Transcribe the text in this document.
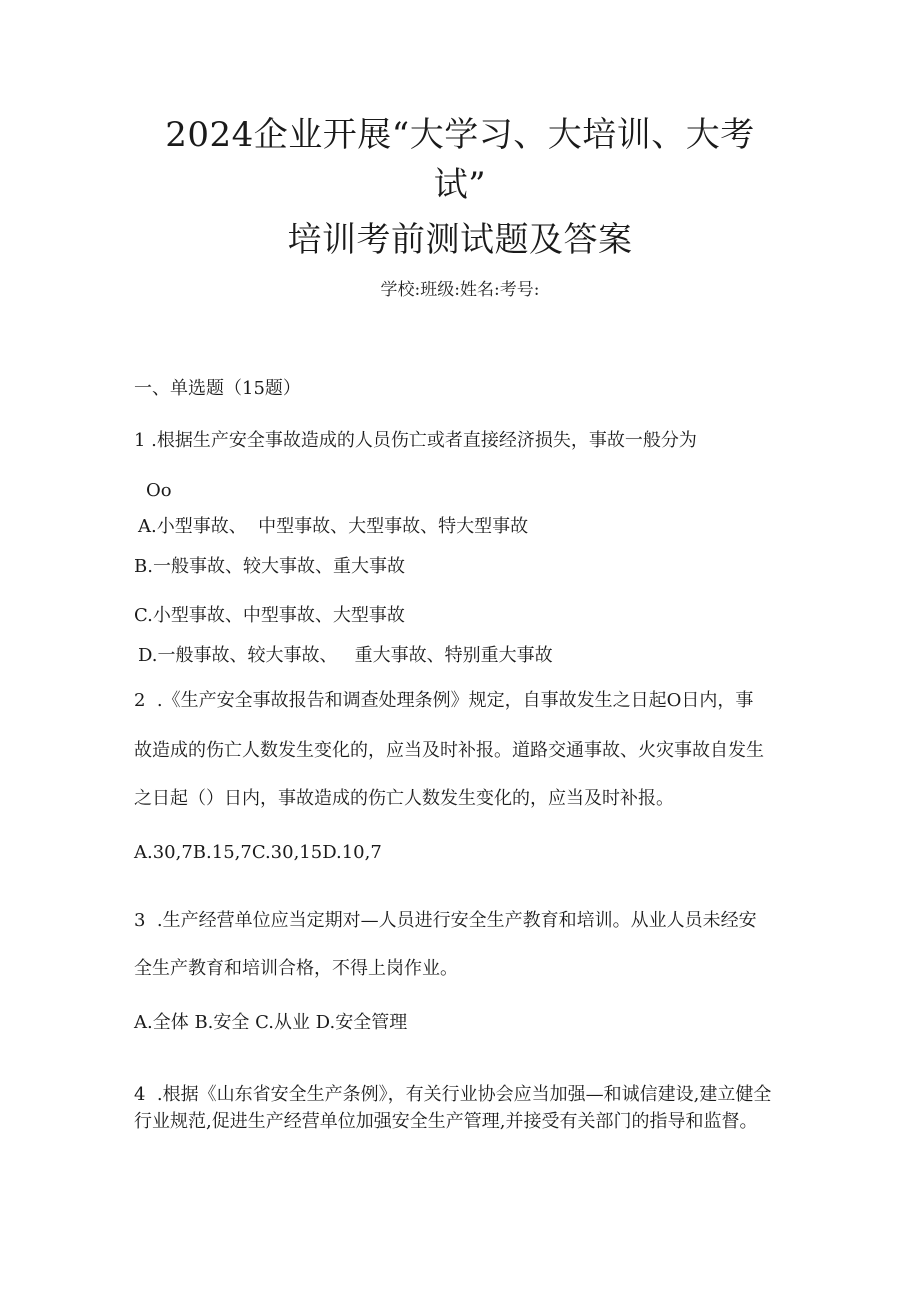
2024企业开展“大学习、大培训、大考
试”
培训考前测试题及答案
学校:班级:姓名:考号:
一、单选题（15题）
1 .根据生产安全事故造成的人员伤亡或者直接经济损失，事故一般分为
Oo
A.小型事故、  中型事故、大型事故、特大型事故
B.一般事故、较大事故、重大事故
C.小型事故、中型事故、大型事故
D.一般事故、较大事故、   重大事故、特别重大事故
2  .《生产安全事故报告和调查处理条例》规定，自事故发生之日起O日内，事
故造成的伤亡人数发生变化的，应当及时补报。道路交通事故、火灾事故自发生
之日起（）日内，事故造成的伤亡人数发生变化的，应当及时补报。
A.30,7B.15,7C.30,15D.10,7
3  .生产经营单位应当定期对—人员进行安全生产教育和培训。从业人员未经安
全生产教育和培训合格，不得上岗作业。
A.全体 B.安全 C.从业 D.安全管理
4  .根据《山东省安全生产条例》，有关行业协会应当加强—和诚信建设,建立健全行业规范,促进生产经营单位加强安全生产管理,并接受有关部门的指导和监督。
